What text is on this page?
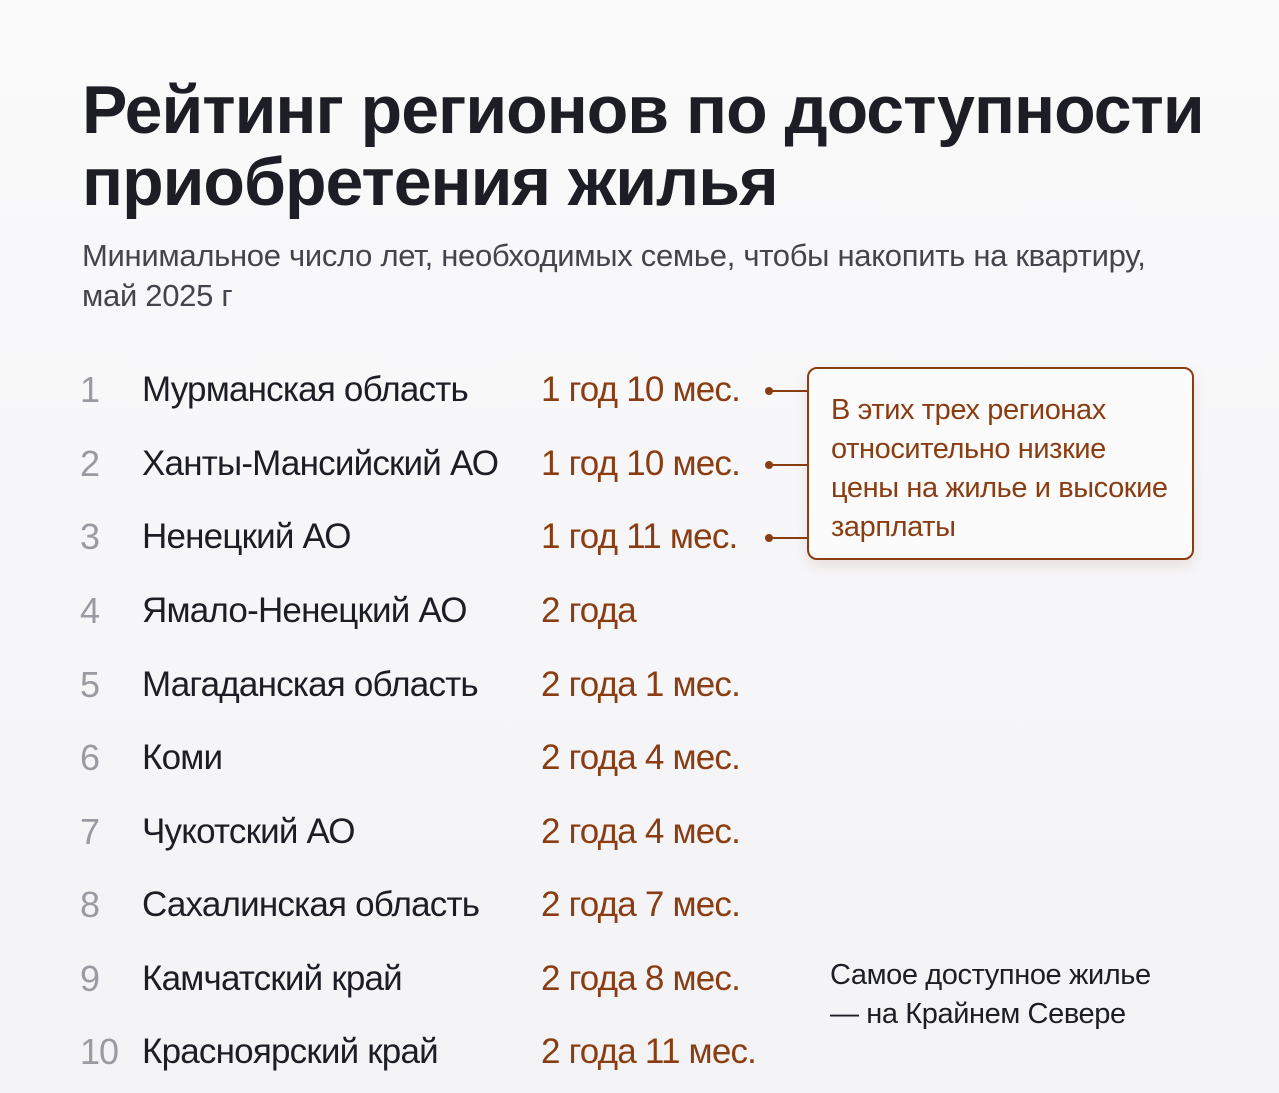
Рейтинг регионов по доступности приобретения жилья

Минимальное число лет, необходимых семье, чтобы накопить на квартиру, май 2025 г

1 Мурманская область 1 год 10 мес.
2 Ханты-Мансийский АО 1 год 10 мес.
3 Ненецкий АО	1 год 11 мес.
4 Ямало-Ненецкий АО 2 года
5 Магаданская область 2 года 1 мес.
6 Коми	2 года 4 мес.
7 Чукотский АО	2 года 4 мес.
8 Сахалинская область 2 года 7 мес.
9 Камчатский край	2 года 8 мес.
10 Красноярский край	2 года 11 мес.

В этих трех регионах относительно низкие цены на жилье и высокие зарплаты

Самое доступное жилье — на Крайнем Севере
